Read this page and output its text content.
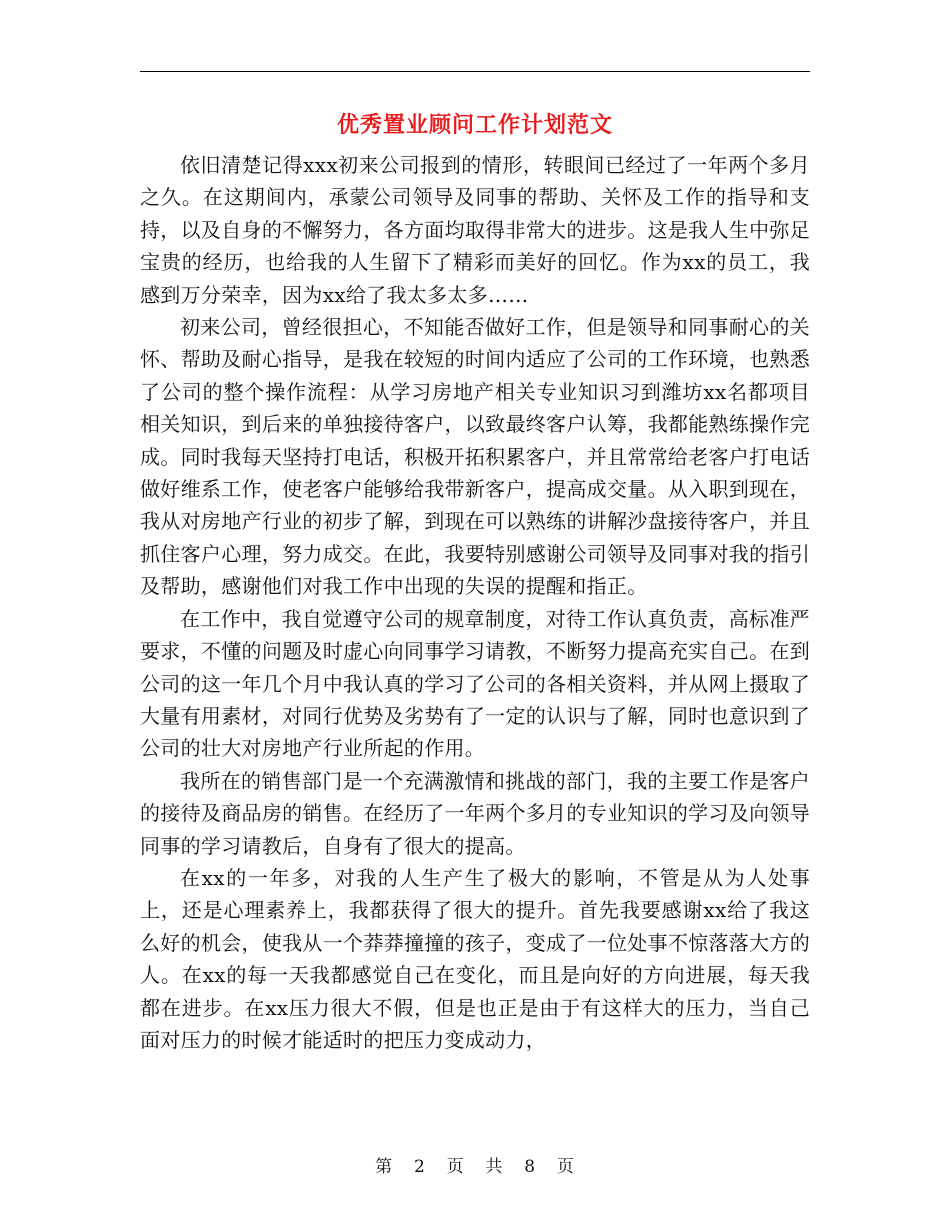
优秀置业顾问工作计划范文

依旧清楚记得xxx初来公司报到的情形，转眼间已经过了一年两个多月之久。在这期间内，承蒙公司领导及同事的帮助、关怀及工作的指导和支持，以及自身的不懈努力，各方面均取得非常大的进步。这是我人生中弥足宝贵的经历，也给我的人生留下了精彩而美好的回忆。作为xx的员工，我感到万分荣幸，因为xx给了我太多太多……

初来公司，曾经很担心，不知能否做好工作，但是领导和同事耐心的关怀、帮助及耐心指导，是我在较短的时间内适应了公司的工作环境，也熟悉了公司的整个操作流程：从学习房地产相关专业知识习到潍坊xx名都项目相关知识，到后来的单独接待客户，以致最终客户认筹，我都能熟练操作完成。同时我每天坚持打电话，积极开拓积累客户，并且常常给老客户打电话做好维系工作，使老客户能够给我带新客户，提高成交量。从入职到现在，我从对房地产行业的初步了解，到现在可以熟练的讲解沙盘接待客户，并且抓住客户心理，努力成交。在此，我要特别感谢公司领导及同事对我的指引及帮助，感谢他们对我工作中出现的失误的提醒和指正。

在工作中，我自觉遵守公司的规章制度，对待工作认真负责，高标准严要求，不懂的问题及时虚心向同事学习请教，不断努力提高充实自己。在到公司的这一年几个月中我认真的学习了公司的各相关资料，并从网上摄取了大量有用素材，对同行优势及劣势有了一定的认识与了解，同时也意识到了公司的壮大对房地产行业所起的作用。

我所在的销售部门是一个充满激情和挑战的部门，我的主要工作是客户的接待及商品房的销售。在经历了一年两个多月的专业知识的学习及向领导同事的学习请教后，自身有了很大的提高。

在xx的一年多，对我的人生产生了极大的影响，不管是从为人处事上，还是心理素养上，我都获得了很大的提升。首先我要感谢xx给了我这么好的机会，使我从一个莽莽撞撞的孩子，变成了一位处事不惊落落大方的人。在xx的每一天我都感觉自己在变化，而且是向好的方向进展，每天我都在进步。在xx压力很大不假，但是也正是由于有这样大的压力，当自己面对压力的时候才能适时的把压力变成动力，

第 2 页 共 8 页
